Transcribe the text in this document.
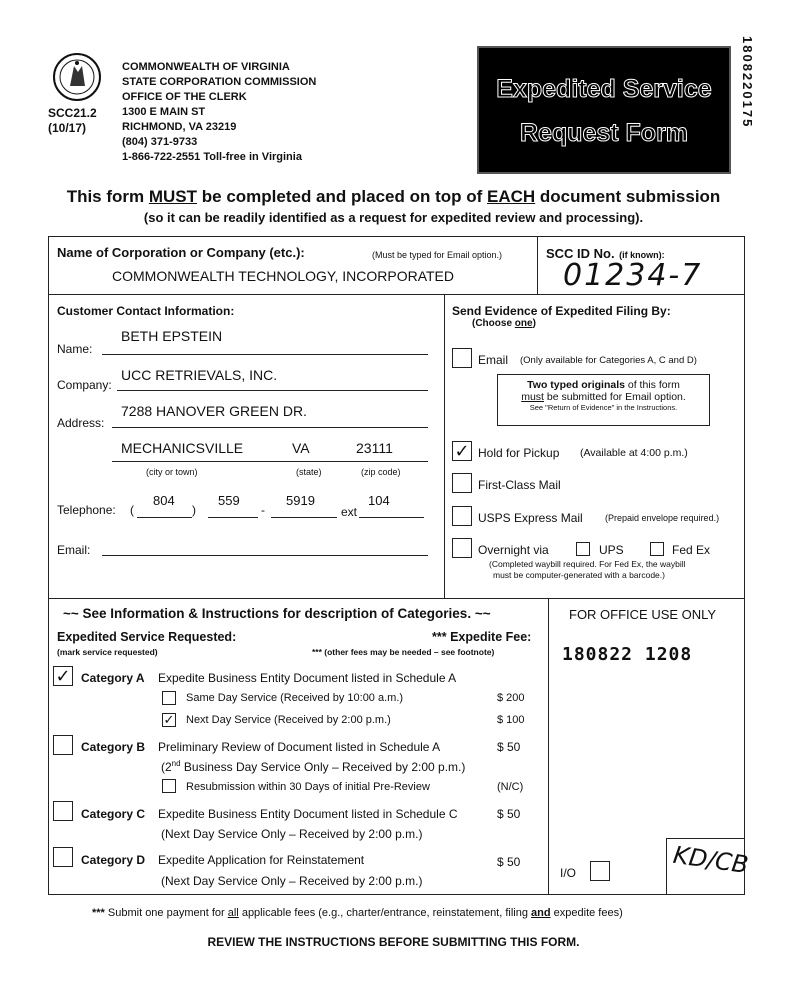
COMMONWEALTH OF VIRGINIA
STATE CORPORATION COMMISSION
OFFICE OF THE CLERK
1300 E MAIN ST
RICHMOND, VA 23219
(804) 371-9733
1-866-722-2551 Toll-free in Virginia
SCC21.2
(10/17)
Expedited Service
Request Form
1808220175
This form MUST be completed and placed on top of EACH document submission
(so it can be readily identified as a request for expedited review and processing).
Name of Corporation or Company (etc.):	(Must be typed for Email option.)
COMMONWEALTH TECHNOLOGY, INCORPORATED
SCC ID No. (if known):
01234-7
Customer Contact Information:
Name:
BETH EPSTEIN
Company:
UCC RETRIEVALS, INC.
Address:
7288 HANOVER GREEN DR.
MECHANICSVILLE	VA	23111
(city or town)	(state)	(zip code)
Telephone: (	)
804	559
-
5919
ext
104
Email:
Send Evidence of Expedited Filing By:
(Choose one)
Email (Only available for Categories A, C and D)
Two typed originals of this form
must be submitted for Email option.
See "Return of Evidence" in the Instructions.
✓ Hold for Pickup (Available at 4:00 p.m.)
First-Class Mail
USPS Express Mail (Prepaid envelope required.)
Overnight via	UPS	Fed Ex
(Completed waybill required. For Fed Ex, the waybill
must be computer-generated with a barcode.)
~~ See Information & Instructions for description of Categories. ~~
Expedited Service Requested:
(mark service requested)
*** Expedite Fee:
*** (other fees may be needed – see footnote)
✓ Category A Expedite Business Entity Document listed in Schedule A
Same Day Service (Received by 10:00 a.m.)	$ 200
✓ Next Day Service (Received by 2:00 p.m.)	$ 100
Category B Preliminary Review of Document listed in Schedule A	$ 50
(2nd Business Day Service Only – Received by 2:00 p.m.)
Resubmission within 30 Days of initial Pre-Review	(N/C)
Category C Expedite Business Entity Document listed in Schedule C	$ 50
(Next Day Service Only – Received by 2:00 p.m.)
Category D Expedite Application for Reinstatement	$ 50
(Next Day Service Only – Received by 2:00 p.m.)
FOR OFFICE USE ONLY
180822 1208
I/O	KD/CB
*** Submit one payment for all applicable fees (e.g., charter/entrance, reinstatement, filing and expedite fees)
REVIEW THE INSTRUCTIONS BEFORE SUBMITTING THIS FORM.
